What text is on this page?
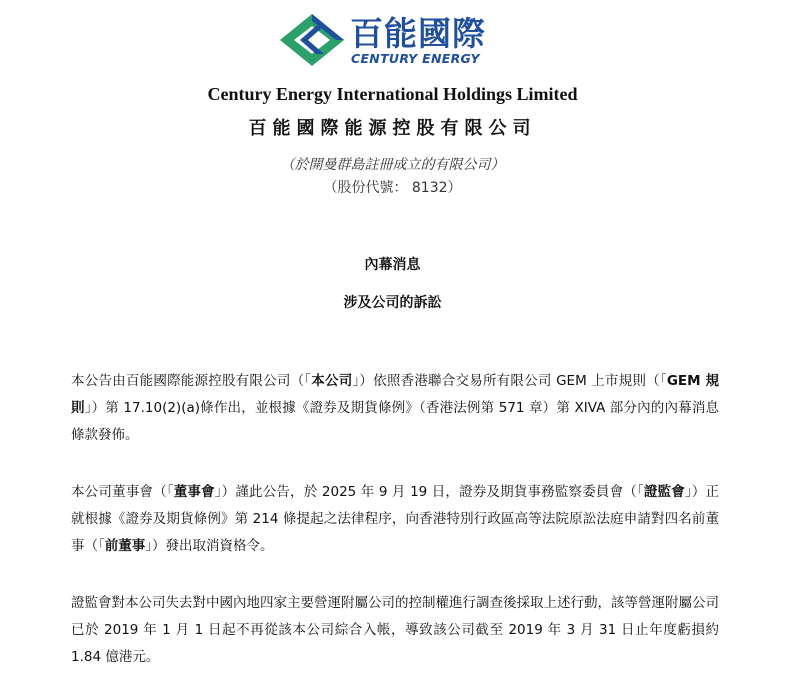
百能國際
CENTURY ENERGY
Century Energy International Holdings Limited
百能國際能源控股有限公司
（於開曼群島註冊成立的有限公司）
（股份代號： 8132）
內幕消息
涉及公司的訴訟
本公告由百能國際能源控股有限公司（「本公司」）依照香港聯合交易所有限公司 GEM 上市規則（「GEM 規則」）第 17.10(2)(a)條作出，並根據《證券及期貨條例》（香港法例第 571 章）第 XIVA 部分內的內幕消息條款發佈。
本公司董事會（「董事會」）謹此公告，於 2025 年 9 月 19 日，證券及期貨事務監察委員會（「證監會」）正就根據《證券及期貨條例》第 214 條提起之法律程序，向香港特別行政區高等法院原訟法庭申請對四名前董事（「前董事」）發出取消資格令。
證監會對本公司失去對中國內地四家主要營運附屬公司的控制權進行調查後採取上述行動，該等營運附屬公司已於 2019 年 1 月 1 日起不再從該本公司綜合入帳，導致該公司截至 2019 年 3 月 31 日止年度虧損約 1.84 億港元。
